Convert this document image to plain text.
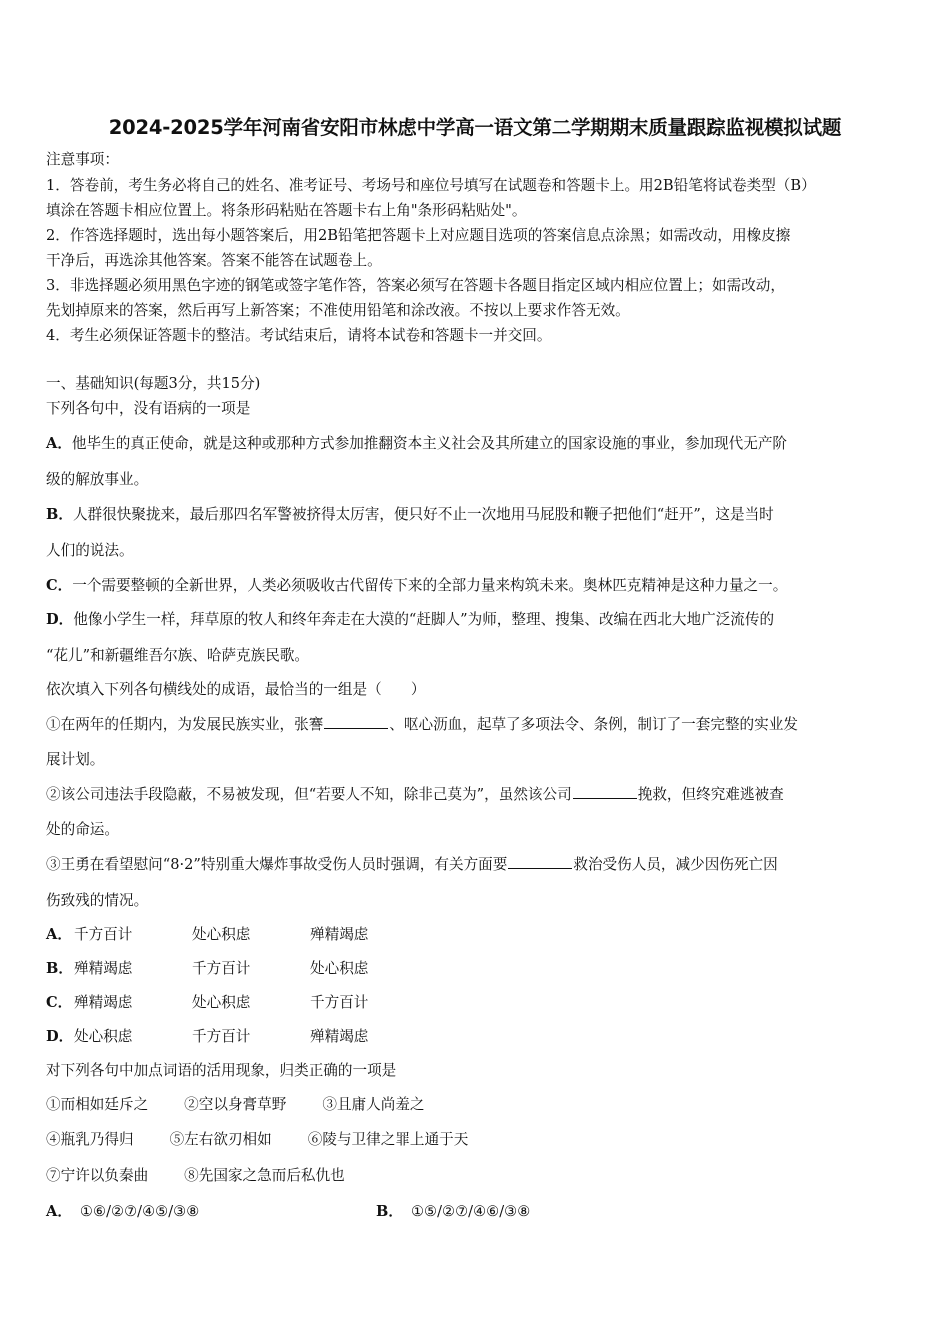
2024-2025学年河南省安阳市林虑中学高一语文第二学期期末质量跟踪监视模拟试题
注意事项：
1．答卷前，考生务必将自己的姓名、准考证号、考场号和座位号填写在试题卷和答题卡上。用2B铅笔将试卷类型（B）
填涂在答题卡相应位置上。将条形码粘贴在答题卡右上角"条形码粘贴处"。
2．作答选择题时，选出每小题答案后，用2B铅笔把答题卡上对应题目选项的答案信息点涂黑；如需改动，用橡皮擦
干净后，再选涂其他答案。答案不能答在试题卷上。
3．非选择题必须用黑色字迹的钢笔或签字笔作答，答案必须写在答题卡各题目指定区域内相应位置上；如需改动，
先划掉原来的答案，然后再写上新答案；不准使用铅笔和涂改液。不按以上要求作答无效。
4．考生必须保证答题卡的整洁。考试结束后，请将本试卷和答题卡一并交回。
一、基础知识(每题3分，共15分)
下列各句中，没有语病的一项是
A．他毕生的真正使命，就是这种或那种方式参加推翻资本主义社会及其所建立的国家设施的事业，参加现代无产阶
级的解放事业。
B．人群很快聚拢来，最后那四名军警被挤得太厉害，便只好不止一次地用马屁股和鞭子把他们“赶开”，这是当时
人们的说法。
C．一个需要整顿的全新世界，人类必须吸收古代留传下来的全部力量来构筑未来。奥林匹克精神是这种力量之一。
D．他像小学生一样，拜草原的牧人和终年奔走在大漠的“赶脚人”为师，整理、搜集、改编在西北大地广泛流传的
“花儿”和新疆维吾尔族、哈萨克族民歌。
依次填入下列各句横线处的成语，最恰当的一组是（　　）
①在两年的任期内，为发展民族实业，张謇	、呕心沥血，起草了多项法令、条例，制订了一套完整的实业发
展计划。
②该公司违法手段隐蔽，不易被发现，但“若要人不知，除非己莫为”，虽然该公司	挽救，但终究难逃被查
处的命运。
③王勇在看望慰问“8·2”特别重大爆炸事故受伤人员时强调，有关方面要	救治受伤人员，减少因伤死亡因
伤致残的情况。
A． 千方百计	处心积虑	殚精竭虑
B．殚精竭虑	千方百计	处心积虑
C． 殚精竭虑	处心积虑	千方百计
D．处心积虑	千方百计	殚精竭虑
对下列各句中加点词语的活用现象，归类正确的一项是
①而相如廷斥之 ②空以身膏草野 ③且庸人尚羞之
④瓶乳乃得归 ⑤左右欲刃相如 ⑥陵与卫律之罪上通于天
⑦宁许以负秦曲 ⑧先国家之急而后私仇也
A． ①⑥/②⑦/④⑤/③⑧	B． ①⑤/②⑦/④⑥/③⑧
